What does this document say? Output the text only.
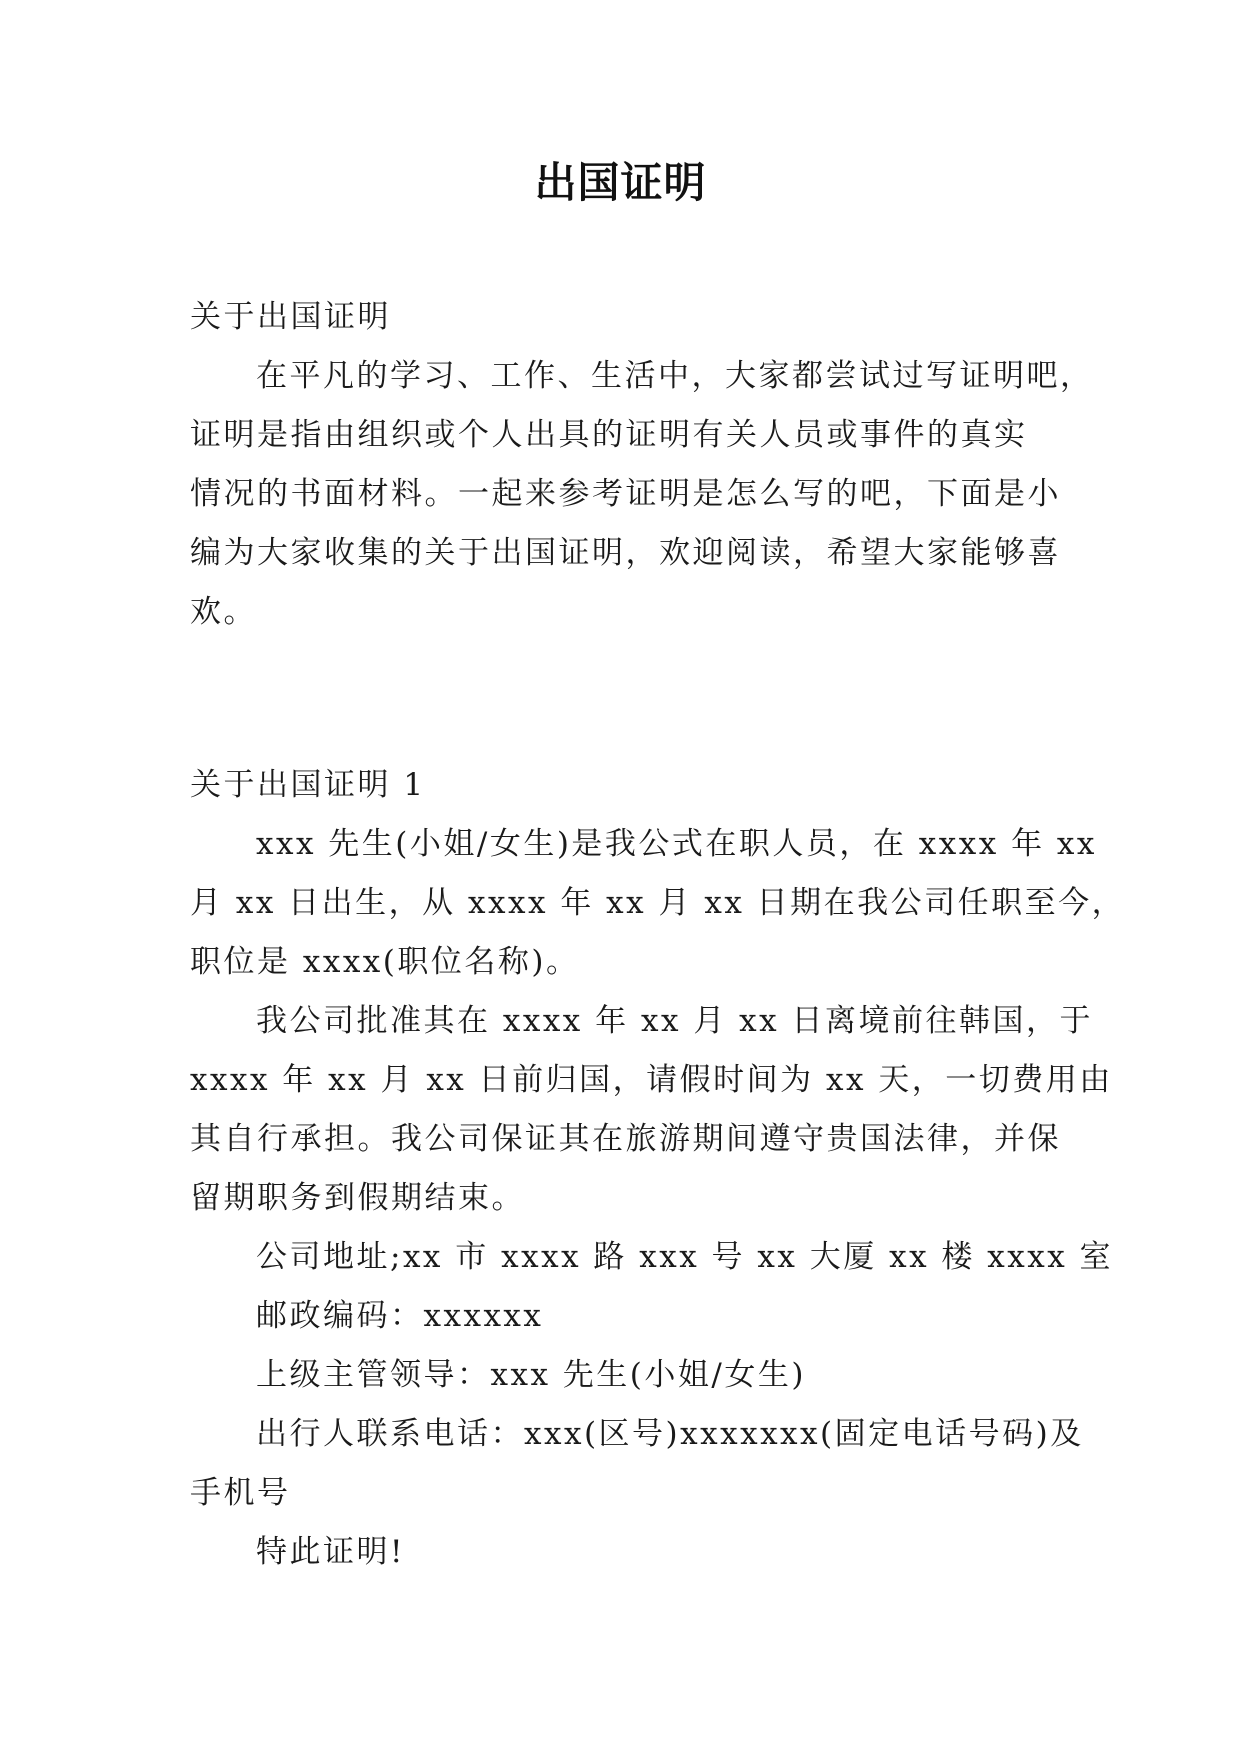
出国证明
关于出国证明
在平凡的学习、工作、生活中，大家都尝试过写证明吧，
证明是指由组织或个人出具的证明有关人员或事件的真实
情况的书面材料。一起来参考证明是怎么写的吧，下面是小
编为大家收集的关于出国证明，欢迎阅读，希望大家能够喜
欢。
关于出国证明 1
xxx 先生(小姐/女生)是我公式在职人员，在 xxxx 年 xx
月 xx 日出生，从 xxxx 年 xx 月 xx 日期在我公司任职至今，
职位是 xxxx(职位名称)。
我公司批准其在 xxxx 年 xx 月 xx 日离境前往韩国，于
xxxx 年 xx 月 xx 日前归国，请假时间为 xx 天，一切费用由
其自行承担。我公司保证其在旅游期间遵守贵国法律，并保
留期职务到假期结束。
公司地址;xx 市 xxxx 路 xxx 号 xx 大厦 xx 楼 xxxx 室
邮政编码：xxxxxx
上级主管领导：xxx 先生(小姐/女生)
出行人联系电话：xxx(区号)xxxxxxx(固定电话号码)及
手机号
特此证明!
